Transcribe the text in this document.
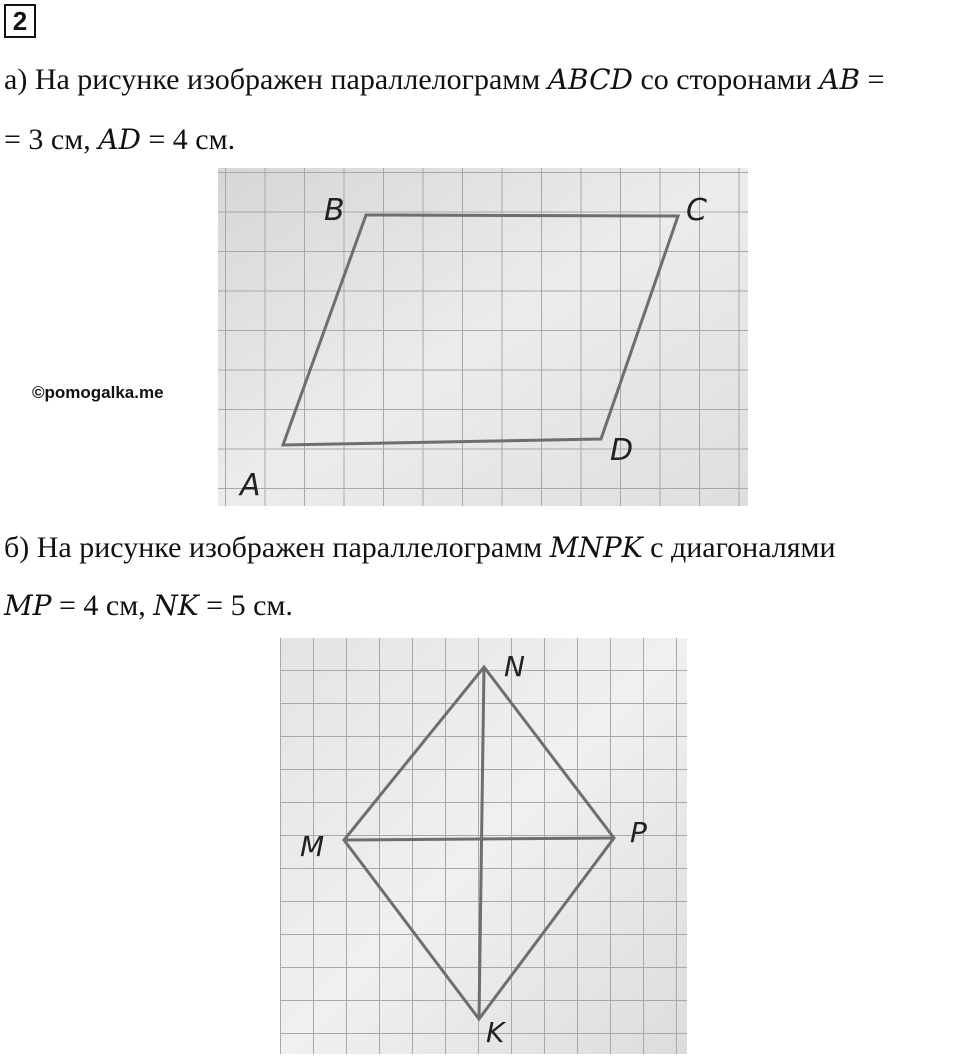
2
а) На рисунке изображен параллелограмм ABCD со сторонами AB =
= 3 см, AD = 4 см.
B	C
A
D
©pomogalka.me
б) На рисунке изображен параллелограмм MNPK с диагоналями
MP = 4 см, NK = 5 см.
N
M	P
K
